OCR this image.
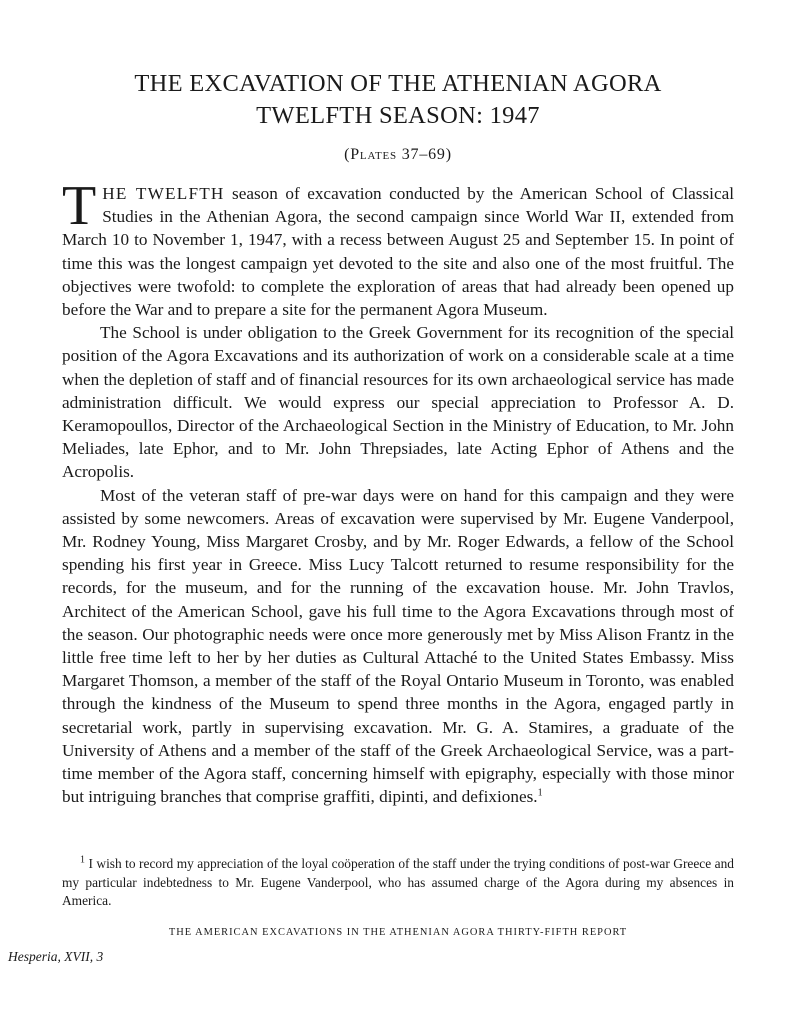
THE EXCAVATION OF THE ATHENIAN AGORA
TWELFTH SEASON: 1947
(Plates 37–69)

THE TWELFTH season of excavation conducted by the American School of Classical Studies in the Athenian Agora, the second campaign since World War II, extended from March 10 to November 1, 1947, with a recess between August 25 and September 15. In point of time this was the longest campaign yet devoted to the site and also one of the most fruitful. The objectives were twofold: to complete the exploration of areas that had already been opened up before the War and to prepare a site for the permanent Agora Museum.

The School is under obligation to the Greek Government for its recognition of the special position of the Agora Excavations and its authorization of work on a considerable scale at a time when the depletion of staff and of financial resources for its own archaeological service has made administration difficult. We would express our special appreciation to Professor A. D. Keramopoullos, Director of the Archaeological Section in the Ministry of Education, to Mr. John Meliades, late Ephor, and to Mr. John Threpsiades, late Acting Ephor of Athens and the Acropolis.

Most of the veteran staff of pre-war days were on hand for this campaign and they were assisted by some newcomers. Areas of excavation were supervised by Mr. Eugene Vanderpool, Mr. Rodney Young, Miss Margaret Crosby, and by Mr. Roger Edwards, a fellow of the School spending his first year in Greece. Miss Lucy Talcott returned to resume responsibility for the records, for the museum, and for the running of the excavation house. Mr. John Travlos, Architect of the American School, gave his full time to the Agora Excavations through most of the season. Our photographic needs were once more generously met by Miss Alison Frantz in the little free time left to her by her duties as Cultural Attaché to the United States Embassy. Miss Margaret Thomson, a member of the staff of the Royal Ontario Museum in Toronto, was enabled through the kindness of the Museum to spend three months in the Agora, engaged partly in secretarial work, partly in supervising excavation. Mr. G. A. Stamires, a graduate of the University of Athens and a member of the staff of the Greek Archaeological Service, was a part-time member of the Agora staff, concerning himself with epigraphy, especially with those minor but intriguing branches that comprise graffiti, dipinti, and defixiones.$^1$

$^1$ I wish to record my appreciation of the loyal coöperation of the staff under the trying conditions of post-war Greece and my particular indebtedness to Mr. Eugene Vanderpool, who has assumed charge of the Agora during my absences in America.

THE AMERICAN EXCAVATIONS IN THE ATHENIAN AGORA THIRTY-FIFTH REPORT
Hesperia, XVII, 3
